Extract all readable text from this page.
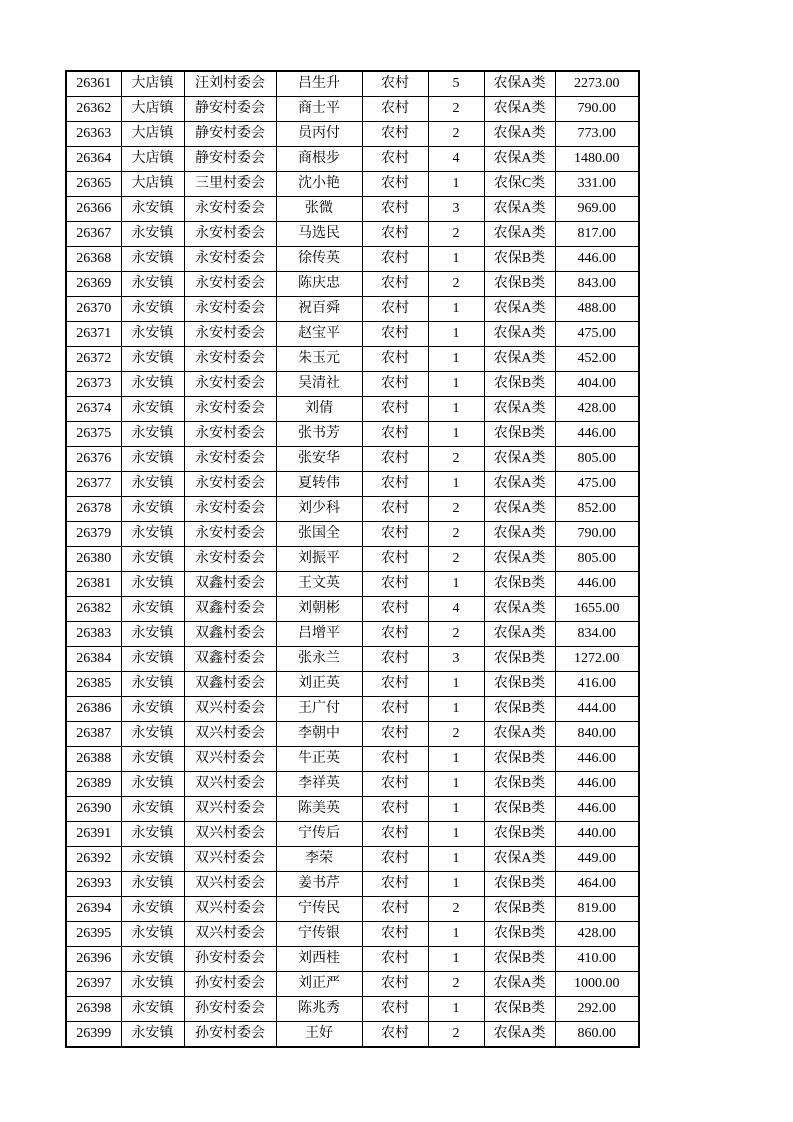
26361	大店镇	汪刘村委会	吕生升	农村	5	农保A类	2273.00
26362	大店镇	静安村委会	商士平	农村	2	农保A类	790.00
26363	大店镇	静安村委会	员丙付	农村	2	农保A类	773.00
26364	大店镇	静安村委会	商根步	农村	4	农保A类	1480.00
26365	大店镇	三里村委会	沈小艳	农村	1	农保C类	331.00
26366	永安镇	永安村委会	张微	农村	3	农保A类	969.00
26367	永安镇	永安村委会	马选民	农村	2	农保A类	817.00
26368	永安镇	永安村委会	徐传英	农村	1	农保B类	446.00
26369	永安镇	永安村委会	陈庆忠	农村	2	农保B类	843.00
26370	永安镇	永安村委会	祝百舜	农村	1	农保A类	488.00
26371	永安镇	永安村委会	赵宝平	农村	1	农保A类	475.00
26372	永安镇	永安村委会	朱玉元	农村	1	农保A类	452.00
26373	永安镇	永安村委会	吴清社	农村	1	农保B类	404.00
26374	永安镇	永安村委会	刘倩	农村	1	农保A类	428.00
26375	永安镇	永安村委会	张书芳	农村	1	农保B类	446.00
26376	永安镇	永安村委会	张安华	农村	2	农保A类	805.00
26377	永安镇	永安村委会	夏转伟	农村	1	农保A类	475.00
26378	永安镇	永安村委会	刘少科	农村	2	农保A类	852.00
26379	永安镇	永安村委会	张国全	农村	2	农保A类	790.00
26380	永安镇	永安村委会	刘振平	农村	2	农保A类	805.00
26381	永安镇	双鑫村委会	王文英	农村	1	农保B类	446.00
26382	永安镇	双鑫村委会	刘朝彬	农村	4	农保A类	1655.00
26383	永安镇	双鑫村委会	吕增平	农村	2	农保A类	834.00
26384	永安镇	双鑫村委会	张永兰	农村	3	农保B类	1272.00
26385	永安镇	双鑫村委会	刘正英	农村	1	农保B类	416.00
26386	永安镇	双兴村委会	王广付	农村	1	农保B类	444.00
26387	永安镇	双兴村委会	李朝中	农村	2	农保A类	840.00
26388	永安镇	双兴村委会	牛正英	农村	1	农保B类	446.00
26389	永安镇	双兴村委会	李祥英	农村	1	农保B类	446.00
26390	永安镇	双兴村委会	陈美英	农村	1	农保B类	446.00
26391	永安镇	双兴村委会	宁传后	农村	1	农保B类	440.00
26392	永安镇	双兴村委会	李荣	农村	1	农保A类	449.00
26393	永安镇	双兴村委会	姜书芹	农村	1	农保B类	464.00
26394	永安镇	双兴村委会	宁传民	农村	2	农保B类	819.00
26395	永安镇	双兴村委会	宁传银	农村	1	农保B类	428.00
26396	永安镇	孙安村委会	刘西桂	农村	1	农保B类	410.00
26397	永安镇	孙安村委会	刘正严	农村	2	农保A类	1000.00
26398	永安镇	孙安村委会	陈兆秀	农村	1	农保B类	292.00
26399	永安镇	孙安村委会	王好	农村	2	农保A类	860.00
